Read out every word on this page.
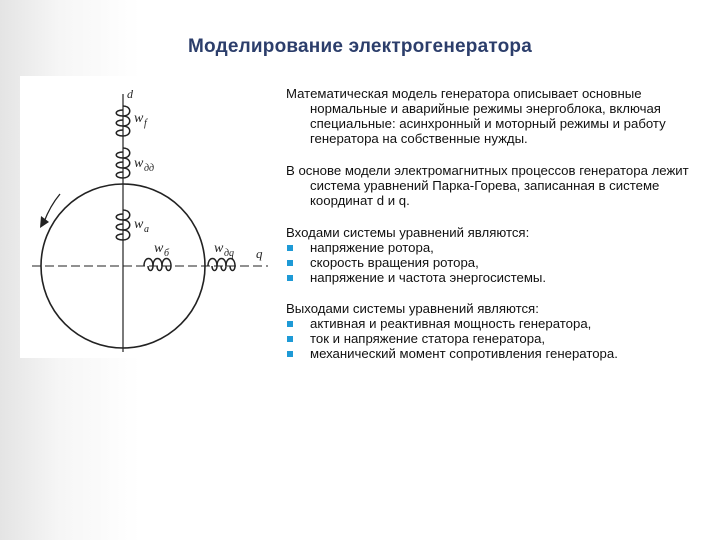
Моделирование электрогенератора
d
w f
w дд
w a
w б	w дq q

Математическая модель генератора описывает основные нормальные и аварийные режимы энергоблока, включая специальные: асинхронный и моторный режимы и работу генератора на собственные нужды.

В основе модели электромагнитных процессов генератора лежит система уравнений Парка-Горева, записанная в системе координат d и q.

Входами системы уравнений являются:

напряжение ротора,
скорость вращения ротора,
напряжение и частота энергосистемы.

Выходами системы уравнений являются:

активная и реактивная мощность генератора,
ток и напряжение статора генератора,
механический момент сопротивления генератора.
